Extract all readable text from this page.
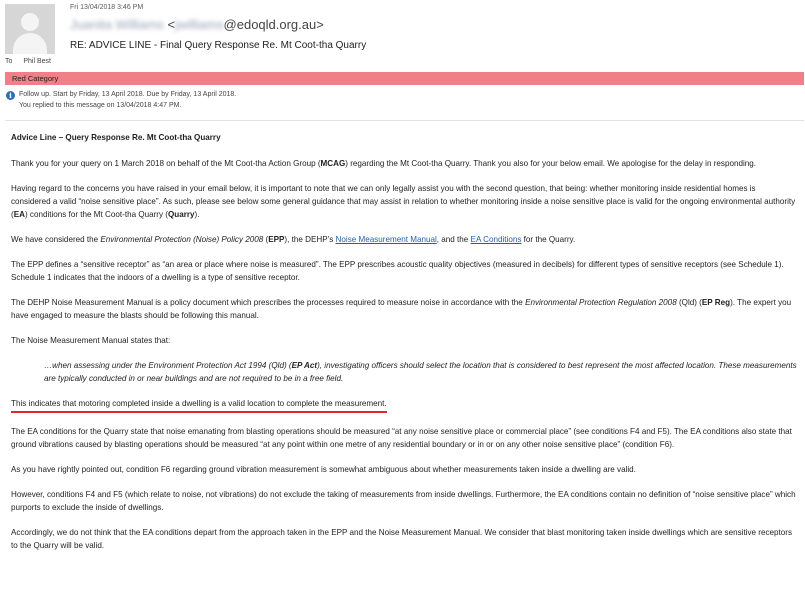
Fri 13/04/2018 3:46 PM
Juanita Williams <jwilliams@edoqld.org.au>
RE: ADVICE LINE - Final Query Response Re. Mt Coot-tha Quarry
To Phil Best
Red Category
i	Follow up. Start by Friday, 13 April 2018. Due by Friday, 13 April 2018.
You replied to this message on 13/04/2018 4:47 PM.

Advice Line – Query Response Re. Mt Coot-tha Quarry

Thank you for your query on 1 March 2018 on behalf of the Mt Coot-tha Action Group (MCAG) regarding the Mt Coot-tha Quarry. Thank you also for your below email. We apologise for the delay in responding.

Having regard to the concerns you have raised in your email below, it is important to note that we can only legally assist you with the second question, that being: whether monitoring inside residential homes is considered a valid “noise sensitive place”. As such, please see below some general guidance that may assist in relation to whether monitoring inside a noise sensitive place is valid for the ongoing environmental authority (EA) conditions for the Mt Coot-tha Quarry (Quarry).

We have considered the Environmental Protection (Noise) Policy 2008 (EPP), the DEHP’s Noise Measurement Manual, and the EA Conditions for the Quarry.

The EPP defines a “sensitive receptor” as “an area or place where noise is measured”. The EPP prescribes acoustic quality objectives (measured in decibels) for different types of sensitive receptors (see Schedule 1). Schedule 1 indicates that the indoors of a dwelling is a type of sensitive receptor.

The DEHP Noise Measurement Manual is a policy document which prescribes the processes required to measure noise in accordance with the Environmental Protection Regulation 2008 (Qld) (EP Reg). The expert you have engaged to measure the blasts should be following this manual.

The Noise Measurement Manual states that:

…when assessing under the Environment Protection Act 1994 (Qld) (EP Act), investigating officers should select the location that is considered to best represent the most affected location. These measurements are typically conducted in or near buildings and are not required to be in a free field.

This indicates that motoring completed inside a dwelling is a valid location to complete the measurement.

The EA conditions for the Quarry state that noise emanating from blasting operations should be measured “at any noise sensitive place or commercial place” (see conditions F4 and F5). The EA conditions also state that ground vibrations caused by blasting operations should be measured “at any point within one metre of any residential boundary or in or on any other noise sensitive place” (condition F6).

As you have rightly pointed out, condition F6 regarding ground vibration measurement is somewhat ambiguous about whether measurements taken inside a dwelling are valid.

However, conditions F4 and F5 (which relate to noise, not vibrations) do not exclude the taking of measurements from inside dwellings. Furthermore, the EA conditions contain no definition of “noise sensitive place” which purports to exclude the inside of dwellings.

Accordingly, we do not think that the EA conditions depart from the approach taken in the EPP and the Noise Measurement Manual. We consider that blast monitoring taken inside dwellings which are sensitive receptors to the Quarry will be valid.
